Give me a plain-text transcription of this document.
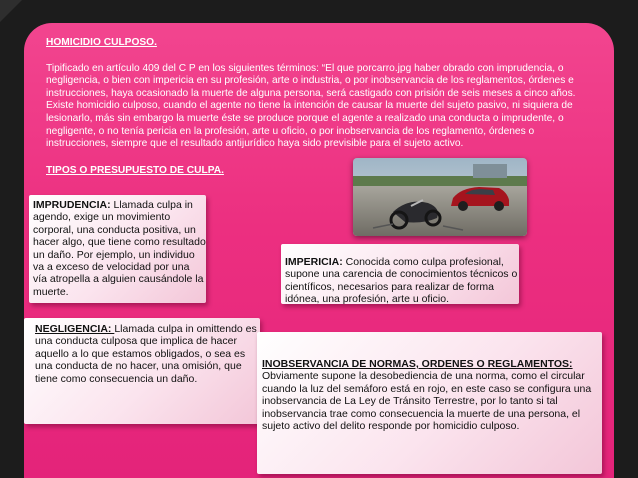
HOMICIDIO CULPOSO.
Tipificado en artículo 409 del C P en los siguientes términos: “El que porcarro.jpg haber obrado con imprudencia, o negligencia, o bien con impericia en su profesión, arte o industria, o por inobservancia de los reglamentos, órdenes e instrucciones, haya ocasionado la muerte de alguna persona, será castigado con prisión de seis meses a cinco años. Existe homicidio culposo, cuando el agente no tiene la intención de causar la muerte del sujeto pasivo, ni siquiera de lesionarlo, más sin embargo la muerte éste se produce porque el agente a realizado una conducta o imprudente, o negligente, o no tenía pericia en la profesión, arte u oficio, o por inobservancia de los reglamento, órdenes o instrucciones, siempre que el resultado antijurídico haya sido previsible para el sujeto activo.
TIPOS O PRESUPUESTO DE CULPA.
IMPRUDENCIA: Llamada culpa in agendo, exige un movimiento corporal, una conducta positiva, un hacer algo, que tiene como resultado un daño. Por ejemplo, un individuo va a exceso de velocidad por una vía atropella a alguien causándole la muerte.
IMPERICIA: Conocida como culpa profesional, supone una carencia de conocimientos técnicos o científicos, necesarios para realizar de forma idónea, una profesión, arte u oficio.
NEGLIGENCIA: Llamada culpa in omittendo es una conducta culposa que implica de hacer aquello a lo que estamos obligados, o sea es una conducta de no hacer, una omisión, que tiene como consecuencia un daño.
INOBSERVANCIA DE NORMAS, ORDENES O REGLAMENTOS: Obviamente supone la desobediencia de una norma, como el circular cuando la luz del semáforo está en rojo, en este caso se configura una inobservancia de La Ley de Tránsito Terrestre, por lo tanto si tal inobservancia trae como consecuencia la muerte de una persona, el sujeto activo del delito responde por homicidio culposo.
